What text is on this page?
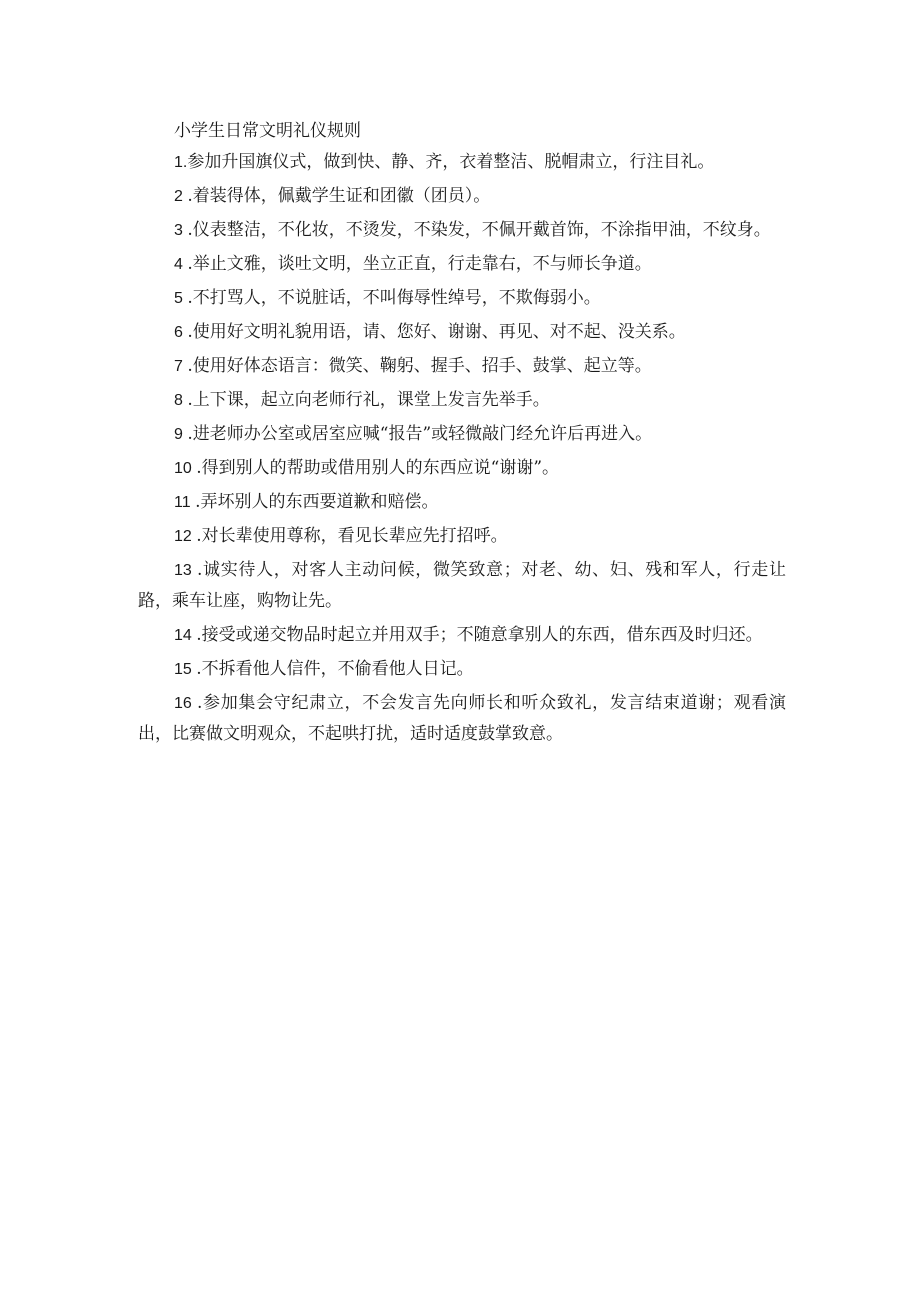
小学生日常文明礼仪规则

1.参加升国旗仪式，做到快、静、齐，衣着整洁、脱帽肃立，行注目礼。

2 .着装得体，佩戴学生证和团徽（团员）。

3 .仪表整洁，不化妆，不烫发，不染发，不佩开戴首饰，不涂指甲油，不纹身。

4 .举止文雅，谈吐文明，坐立正直，行走靠右，不与师长争道。

5 .不打骂人，不说脏话，不叫侮辱性绰号，不欺侮弱小。

6 .使用好文明礼貌用语，请、您好、谢谢、再见、对不起、没关系。

7 .使用好体态语言：微笑、鞠躬、握手、招手、鼓掌、起立等。

8 .上下课，起立向老师行礼，课堂上发言先举手。

9 .进老师办公室或居室应喊“报告”或轻微敲门经允许后再进入。

10 .得到别人的帮助或借用别人的东西应说“谢谢”。

11 .弄坏别人的东西要道歉和赔偿。

12 .对长辈使用尊称，看见长辈应先打招呼。

13 .诚实待人，对客人主动问候，微笑致意；对老、幼、妇、残和军人，行走让路，乘车让座，购物让先。

14 .接受或递交物品时起立并用双手；不随意拿别人的东西，借东西及时归还。

15 .不拆看他人信件，不偷看他人日记。

16 .参加集会守纪肃立，不会发言先向师长和听众致礼，发言结束道谢；观看演出，比赛做文明观众，不起哄打扰，适时适度鼓掌致意。
